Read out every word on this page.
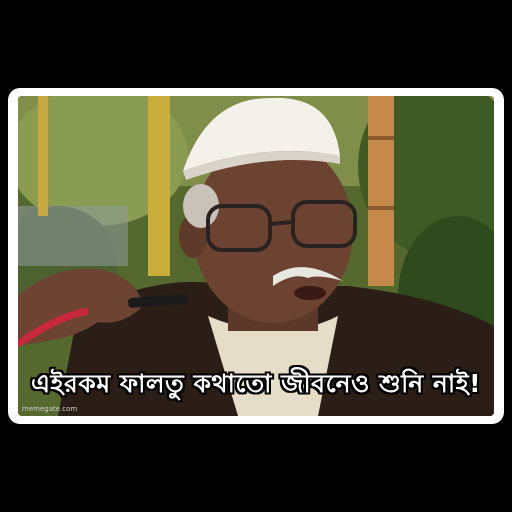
এইরকম ফালতু কথাতো জীবনেও শুনি নাই!
memegate.com
